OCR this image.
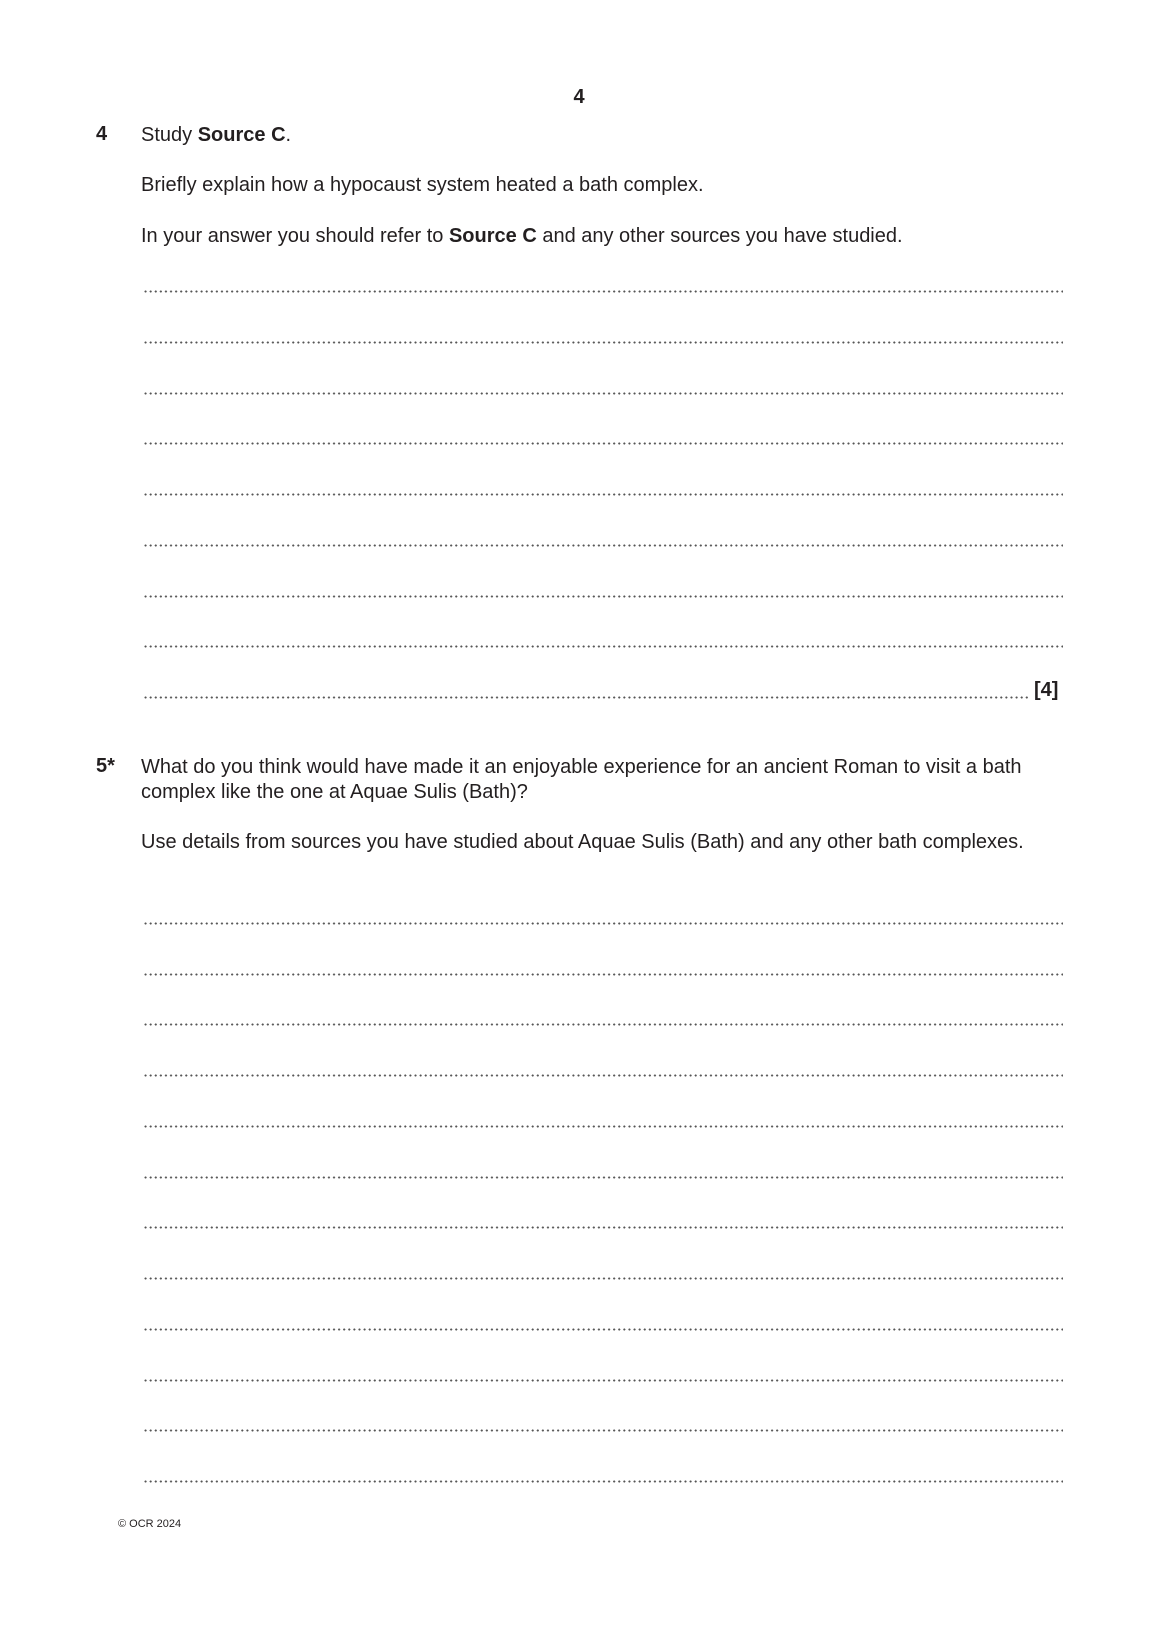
4
4 Study Source C.
Briefly explain how a hypocaust system heated a bath complex.
In your answer you should refer to Source C and any other sources you have studied.
[4]
5* What do you think would have made it an enjoyable experience for an ancient Roman to visit a bath complex like the one at Aquae Sulis (Bath)?
Use details from sources you have studied about Aquae Sulis (Bath) and any other bath complexes.
© OCR 2024
